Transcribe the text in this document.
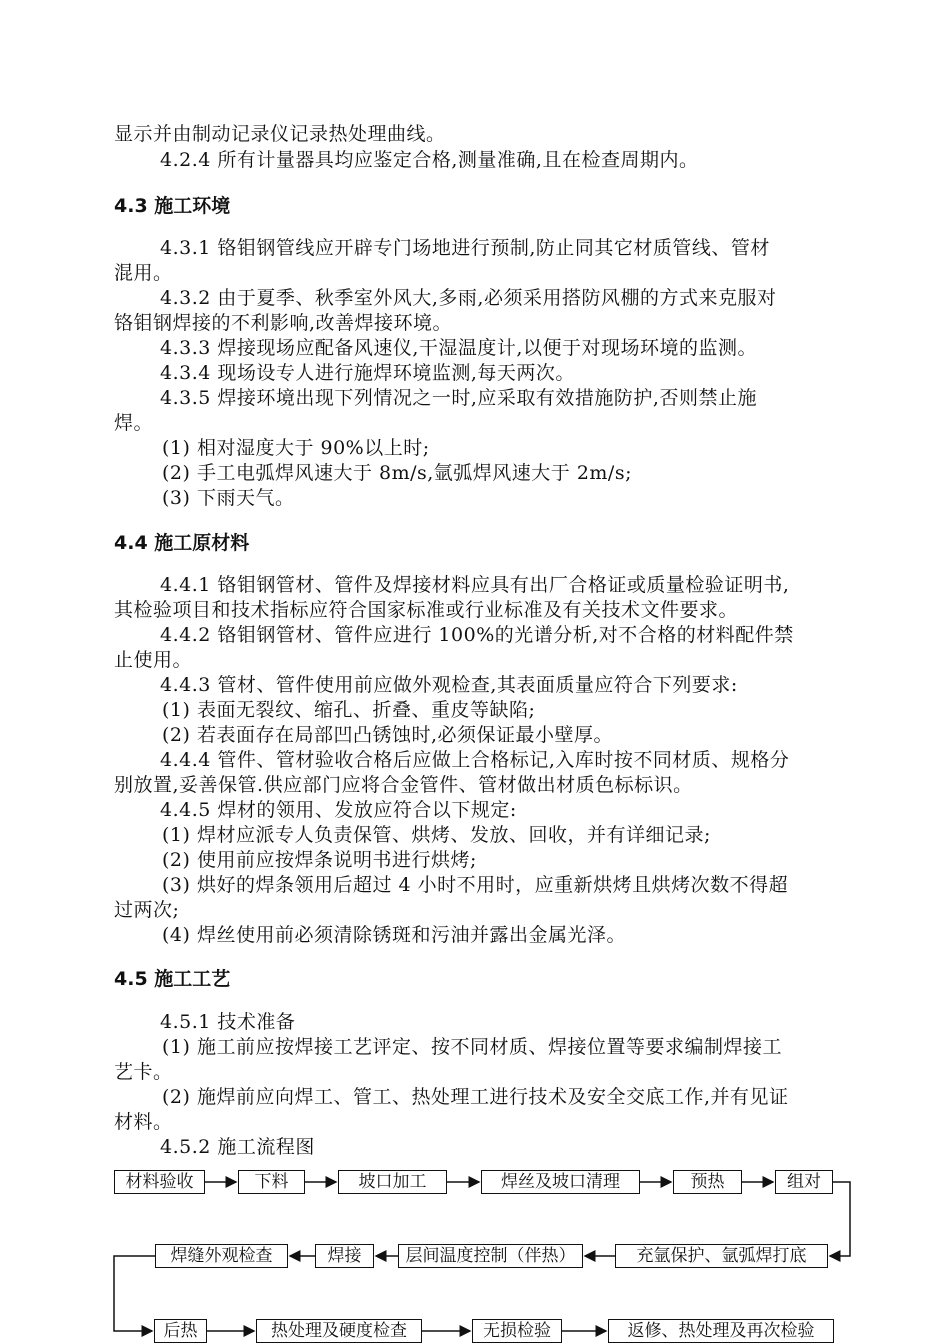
显示并由制动记录仪记录热处理曲线。
4.2.4 所有计量器具均应鉴定合格,测量准确,且在检查周期内。
4.3 施工环境
4.3.1 铬钼钢管线应开辟专门场地进行预制,防止同其它材质管线、管材
混用。
4.3.2 由于夏季、秋季室外风大,多雨,必须采用搭防风棚的方式来克服对
铬钼钢焊接的不利影响,改善焊接环境。
4.3.3 焊接现场应配备风速仪,干湿温度计,以便于对现场环境的监测。
4.3.4 现场设专人进行施焊环境监测,每天两次。
4.3.5 焊接环境出现下列情况之一时,应采取有效措施防护,否则禁止施
焊。
(1) 相对湿度大于 90%以上时;
(2) 手工电弧焊风速大于 8m/s,氩弧焊风速大于 2m/s;
(3) 下雨天气。
4.4 施工原材料
4.4.1 铬钼钢管材、管件及焊接材料应具有出厂合格证或质量检验证明书,
其检验项目和技术指标应符合国家标准或行业标准及有关技术文件要求。
4.4.2 铬钼钢管材、管件应进行 100%的光谱分析,对不合格的材料配件禁
止使用。
4.4.3 管材、管件使用前应做外观检查,其表面质量应符合下列要求:
(1) 表面无裂纹、缩孔、折叠、重皮等缺陷;
(2) 若表面存在局部凹凸锈蚀时,必须保证最小壁厚。
4.4.4 管件、管材验收合格后应做上合格标记,入库时按不同材质、规格分
别放置,妥善保管.供应部门应将合金管件、管材做出材质色标标识。
4.4.5 焊材的领用、发放应符合以下规定:
(1) 焊材应派专人负责保管、烘烤、发放、回收，并有详细记录;
(2) 使用前应按焊条说明书进行烘烤;
(3) 烘好的焊条领用后超过 4 小时不用时，应重新烘烤且烘烤次数不得超
过两次;
(4) 焊丝使用前必须清除锈斑和污油并露出金属光泽。
4.5 施工工艺
4.5.1 技术准备
(1) 施工前应按焊接工艺评定、按不同材质、焊接位置等要求编制焊接工
艺卡。
(2) 施焊前应向焊工、管工、热处理工进行技术及安全交底工作,并有见证
材料。
4.5.2 施工流程图
材料验收	下料	坡口加工	焊丝及坡口清理	预热	组对
充氩保护、氩弧焊打底
层间温度控制（伴热）
焊接
焊缝外观检查
后热	热处理及硬度检查	无损检验	返修、热处理及再次检验
